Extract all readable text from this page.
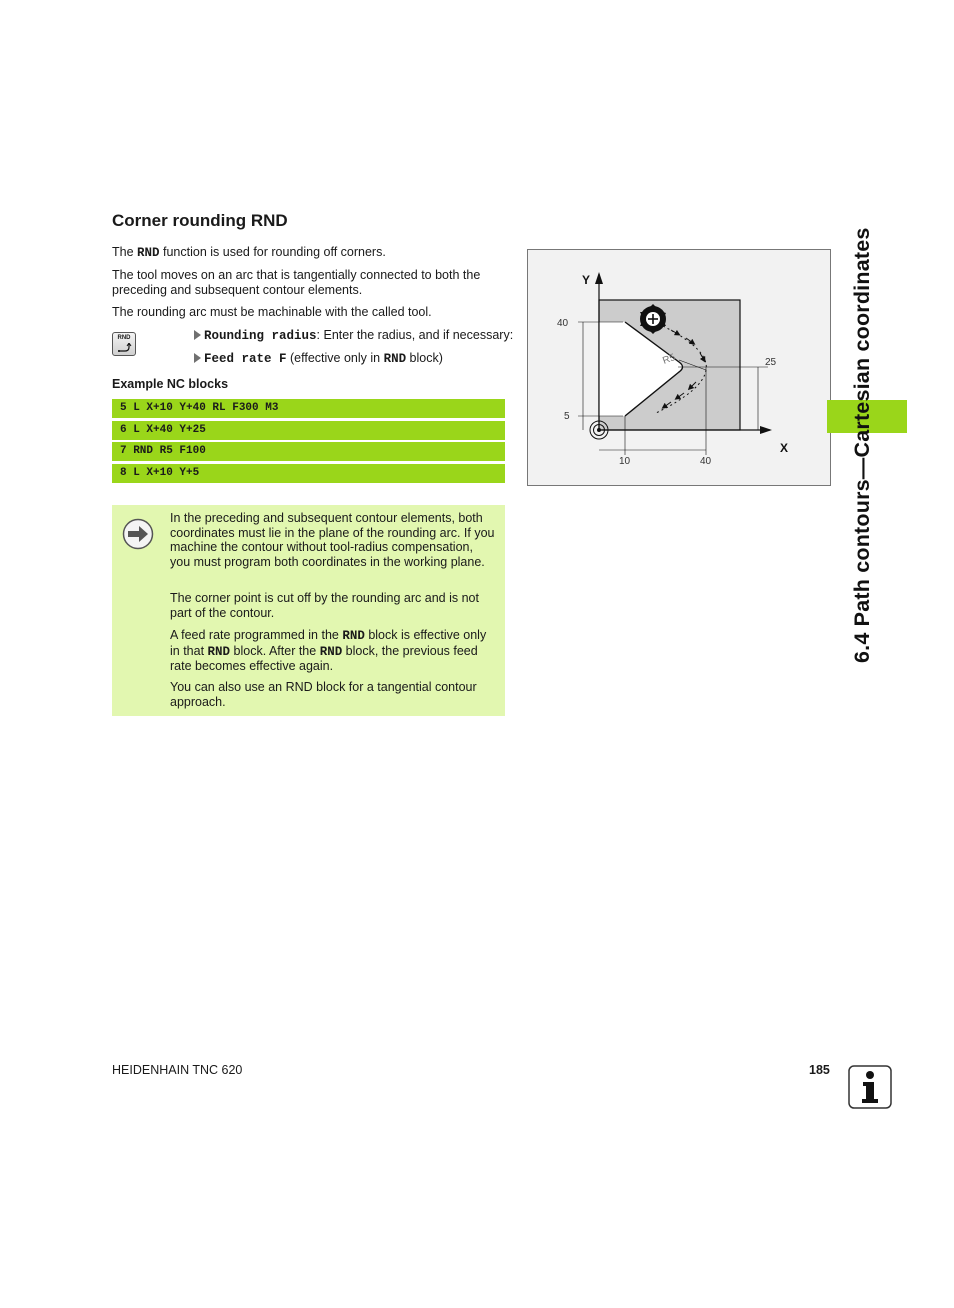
Corner rounding RND
The RND function is used for rounding off corners.
The tool moves on an arc that is tangentially connected to both the preceding and subsequent contour elements.
The rounding arc must be machinable with the called tool.
RND	Rounding radius: Enter the radius, and if necessary:
Feed rate F (effective only in RND block)
Example NC blocks
5 L X+10 Y+40 RL F300 M3
6 L X+40 Y+25
7 RND R5 F100
8 L X+10 Y+5
In the preceding and subsequent contour elements, both coordinates must lie in the plane of the rounding arc. If you machine the contour without tool-radius compensation, you must program both coordinates in the working plane.
The corner point is cut off by the rounding arc and is not part of the contour.
A feed rate programmed in the RND block is effective only in that RND block. After the RND block, the previous feed rate becomes effective again.
You can also use an RND block for a tangential contour approach.
Y
X
40
5
25
10	40
R5	6.4 Path contours—Cartesian coordinates
HEIDENHAIN TNC 620	185
